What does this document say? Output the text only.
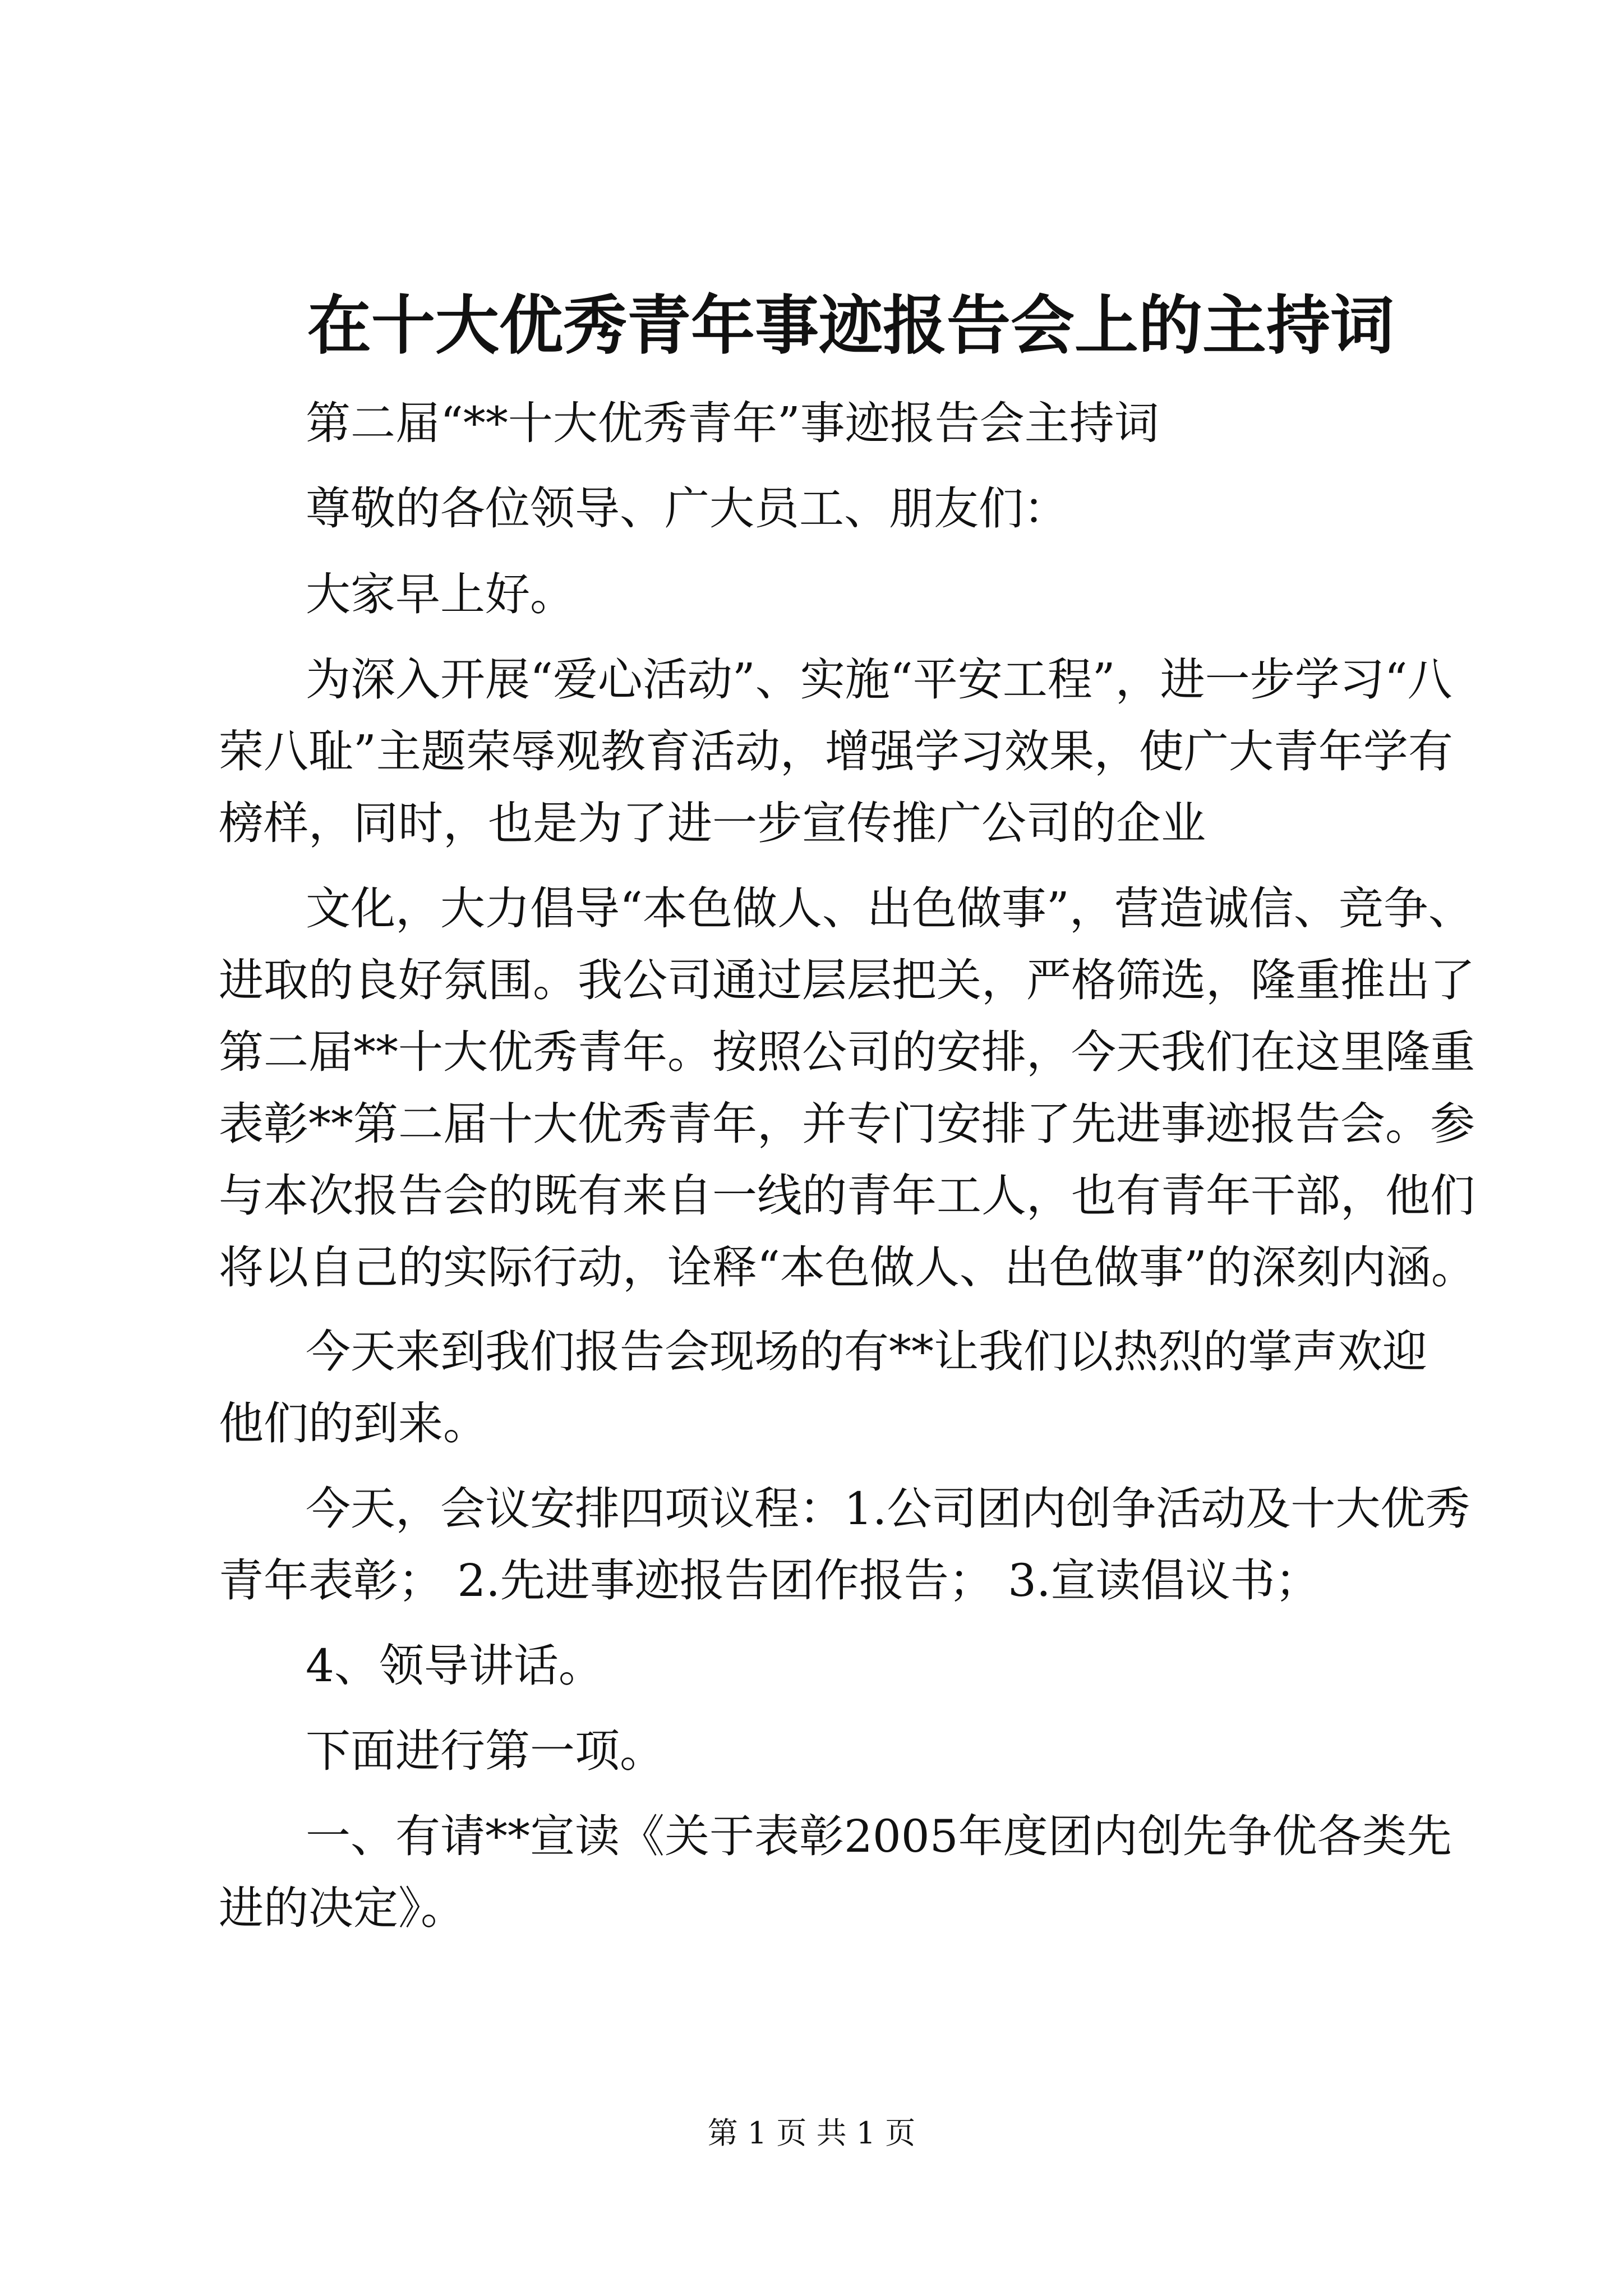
在十大优秀青年事迹报告会上的主持词

第二届“**十大优秀青年”事迹报告会主持词

尊敬的各位领导、广大员工、朋友们：

大家早上好。

为深入开展“爱心活动”、实施“平安工程”，进一步学习“八

荣八耻”主题荣辱观教育活动，增强学习效果，使广大青年学有

榜样，同时，也是为了进一步宣传推广公司的企业

文化，大力倡导“本色做人、出色做事”，营造诚信、竞争、

进取的良好氛围。我公司通过层层把关，严格筛选，隆重推出了

第二届**十大优秀青年。按照公司的安排，今天我们在这里隆重

表彰**第二届十大优秀青年，并专门安排了先进事迹报告会。参

与本次报告会的既有来自一线的青年工人，也有青年干部，他们

将以自己的实际行动，诠释“本色做人、出色做事”的深刻内涵。

今天来到我们报告会现场的有**让我们以热烈的掌声欢迎

他们的到来。

今天，会议安排四项议程：1.公司团内创争活动及十大优秀

青年表彰； 2.先进事迹报告团作报告； 3.宣读倡议书；

4、领导讲话。

下面进行第一项。

一、有请**宣读《关于表彰2005年度团内创先争优各类先

进的决定》。

第 1 页 共 1 页
